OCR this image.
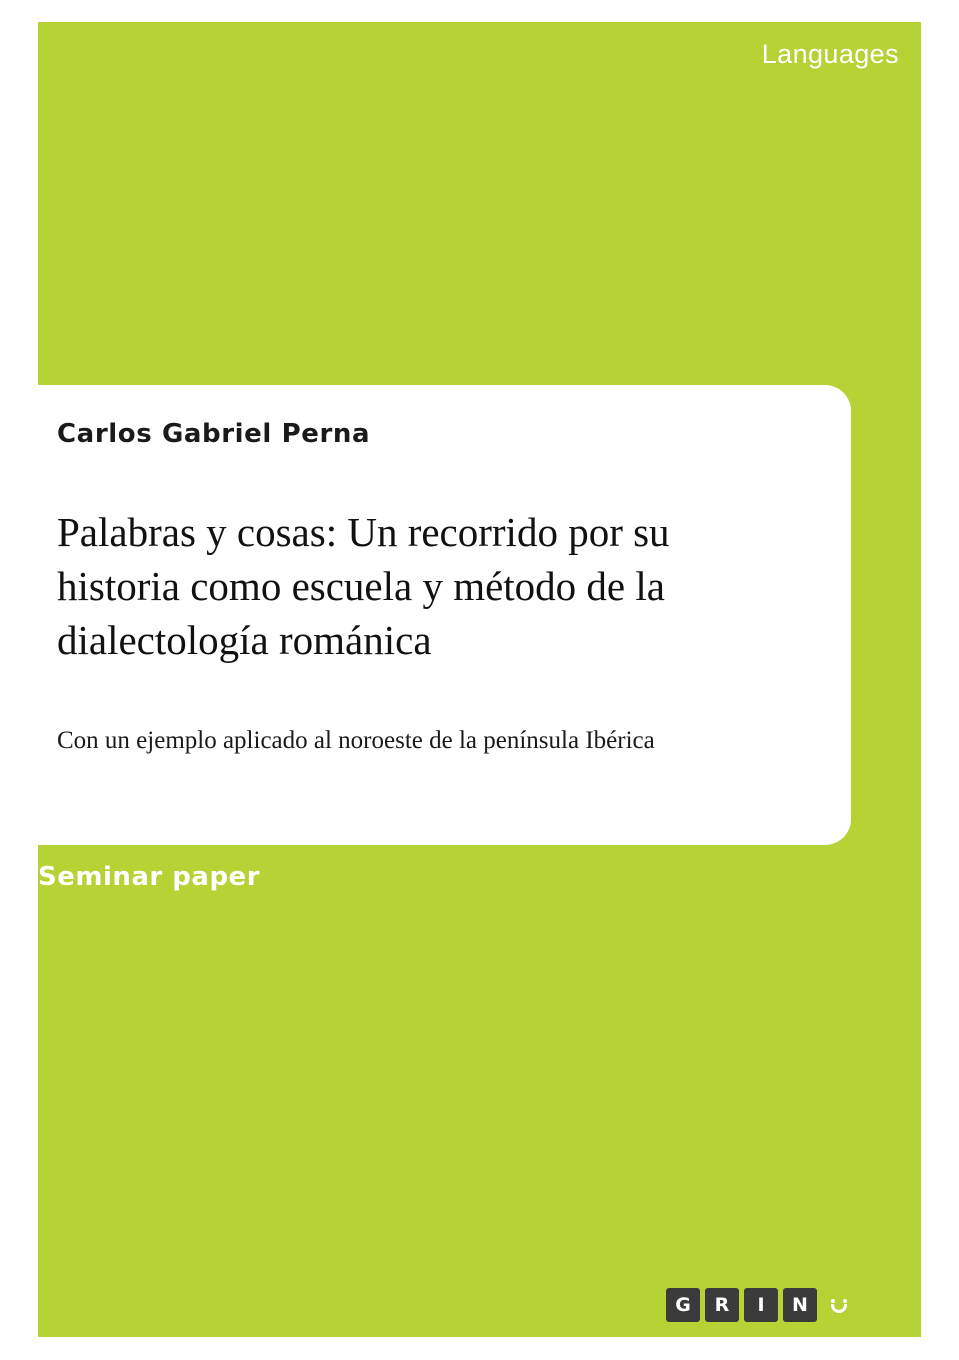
Languages
Carlos Gabriel Perna
Palabras y cosas: Un recorrido por su historia como escuela y método de la dialectología románica
Con un ejemplo aplicado al noroeste de la península Ibérica
Seminar paper
G	R	I	N
